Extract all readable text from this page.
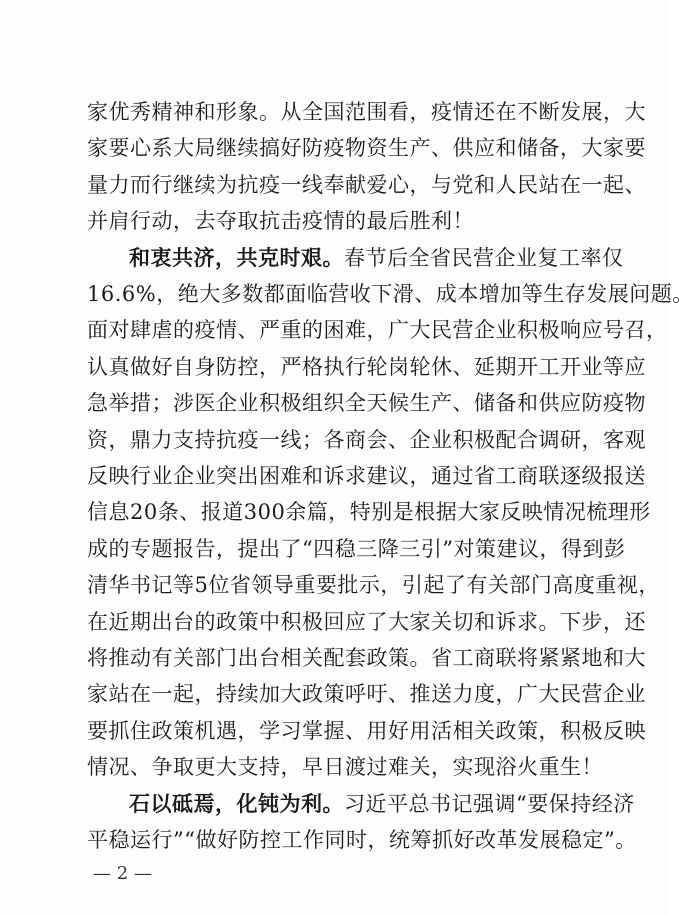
家优秀精神和形象。从全国范围看，疫情还在不断发展，大
家要心系大局继续搞好防疫物资生产、供应和储备，大家要
量力而行继续为抗疫一线奉献爱心，与党和人民站在一起、
并肩行动，去夺取抗击疫情的最后胜利！
和衷共济，共克时艰。春节后全省民营企业复工率仅
16.6%，绝大多数都面临营收下滑、成本增加等生存发展问题。
面对肆虐的疫情、严重的困难，广大民营企业积极响应号召，
认真做好自身防控，严格执行轮岗轮休、延期开工开业等应
急举措；涉医企业积极组织全天候生产、储备和供应防疫物
资，鼎力支持抗疫一线；各商会、企业积极配合调研，客观
反映行业企业突出困难和诉求建议，通过省工商联逐级报送
信息20条、报道300余篇，特别是根据大家反映情况梳理形
成的专题报告，提出了“四稳三降三引”对策建议，得到彭
清华书记等5位省领导重要批示，引起了有关部门高度重视，
在近期出台的政策中积极回应了大家关切和诉求。下步，还
将推动有关部门出台相关配套政策。省工商联将紧紧地和大
家站在一起，持续加大政策呼吁、推送力度，广大民营企业
要抓住政策机遇，学习掌握、用好用活相关政策，积极反映
情况、争取更大支持，早日渡过难关，实现浴火重生！
石以砥焉，化钝为利。习近平总书记强调“要保持经济
平稳运行”“做好防控工作同时，统筹抓好改革发展稳定”。
— 2 —
